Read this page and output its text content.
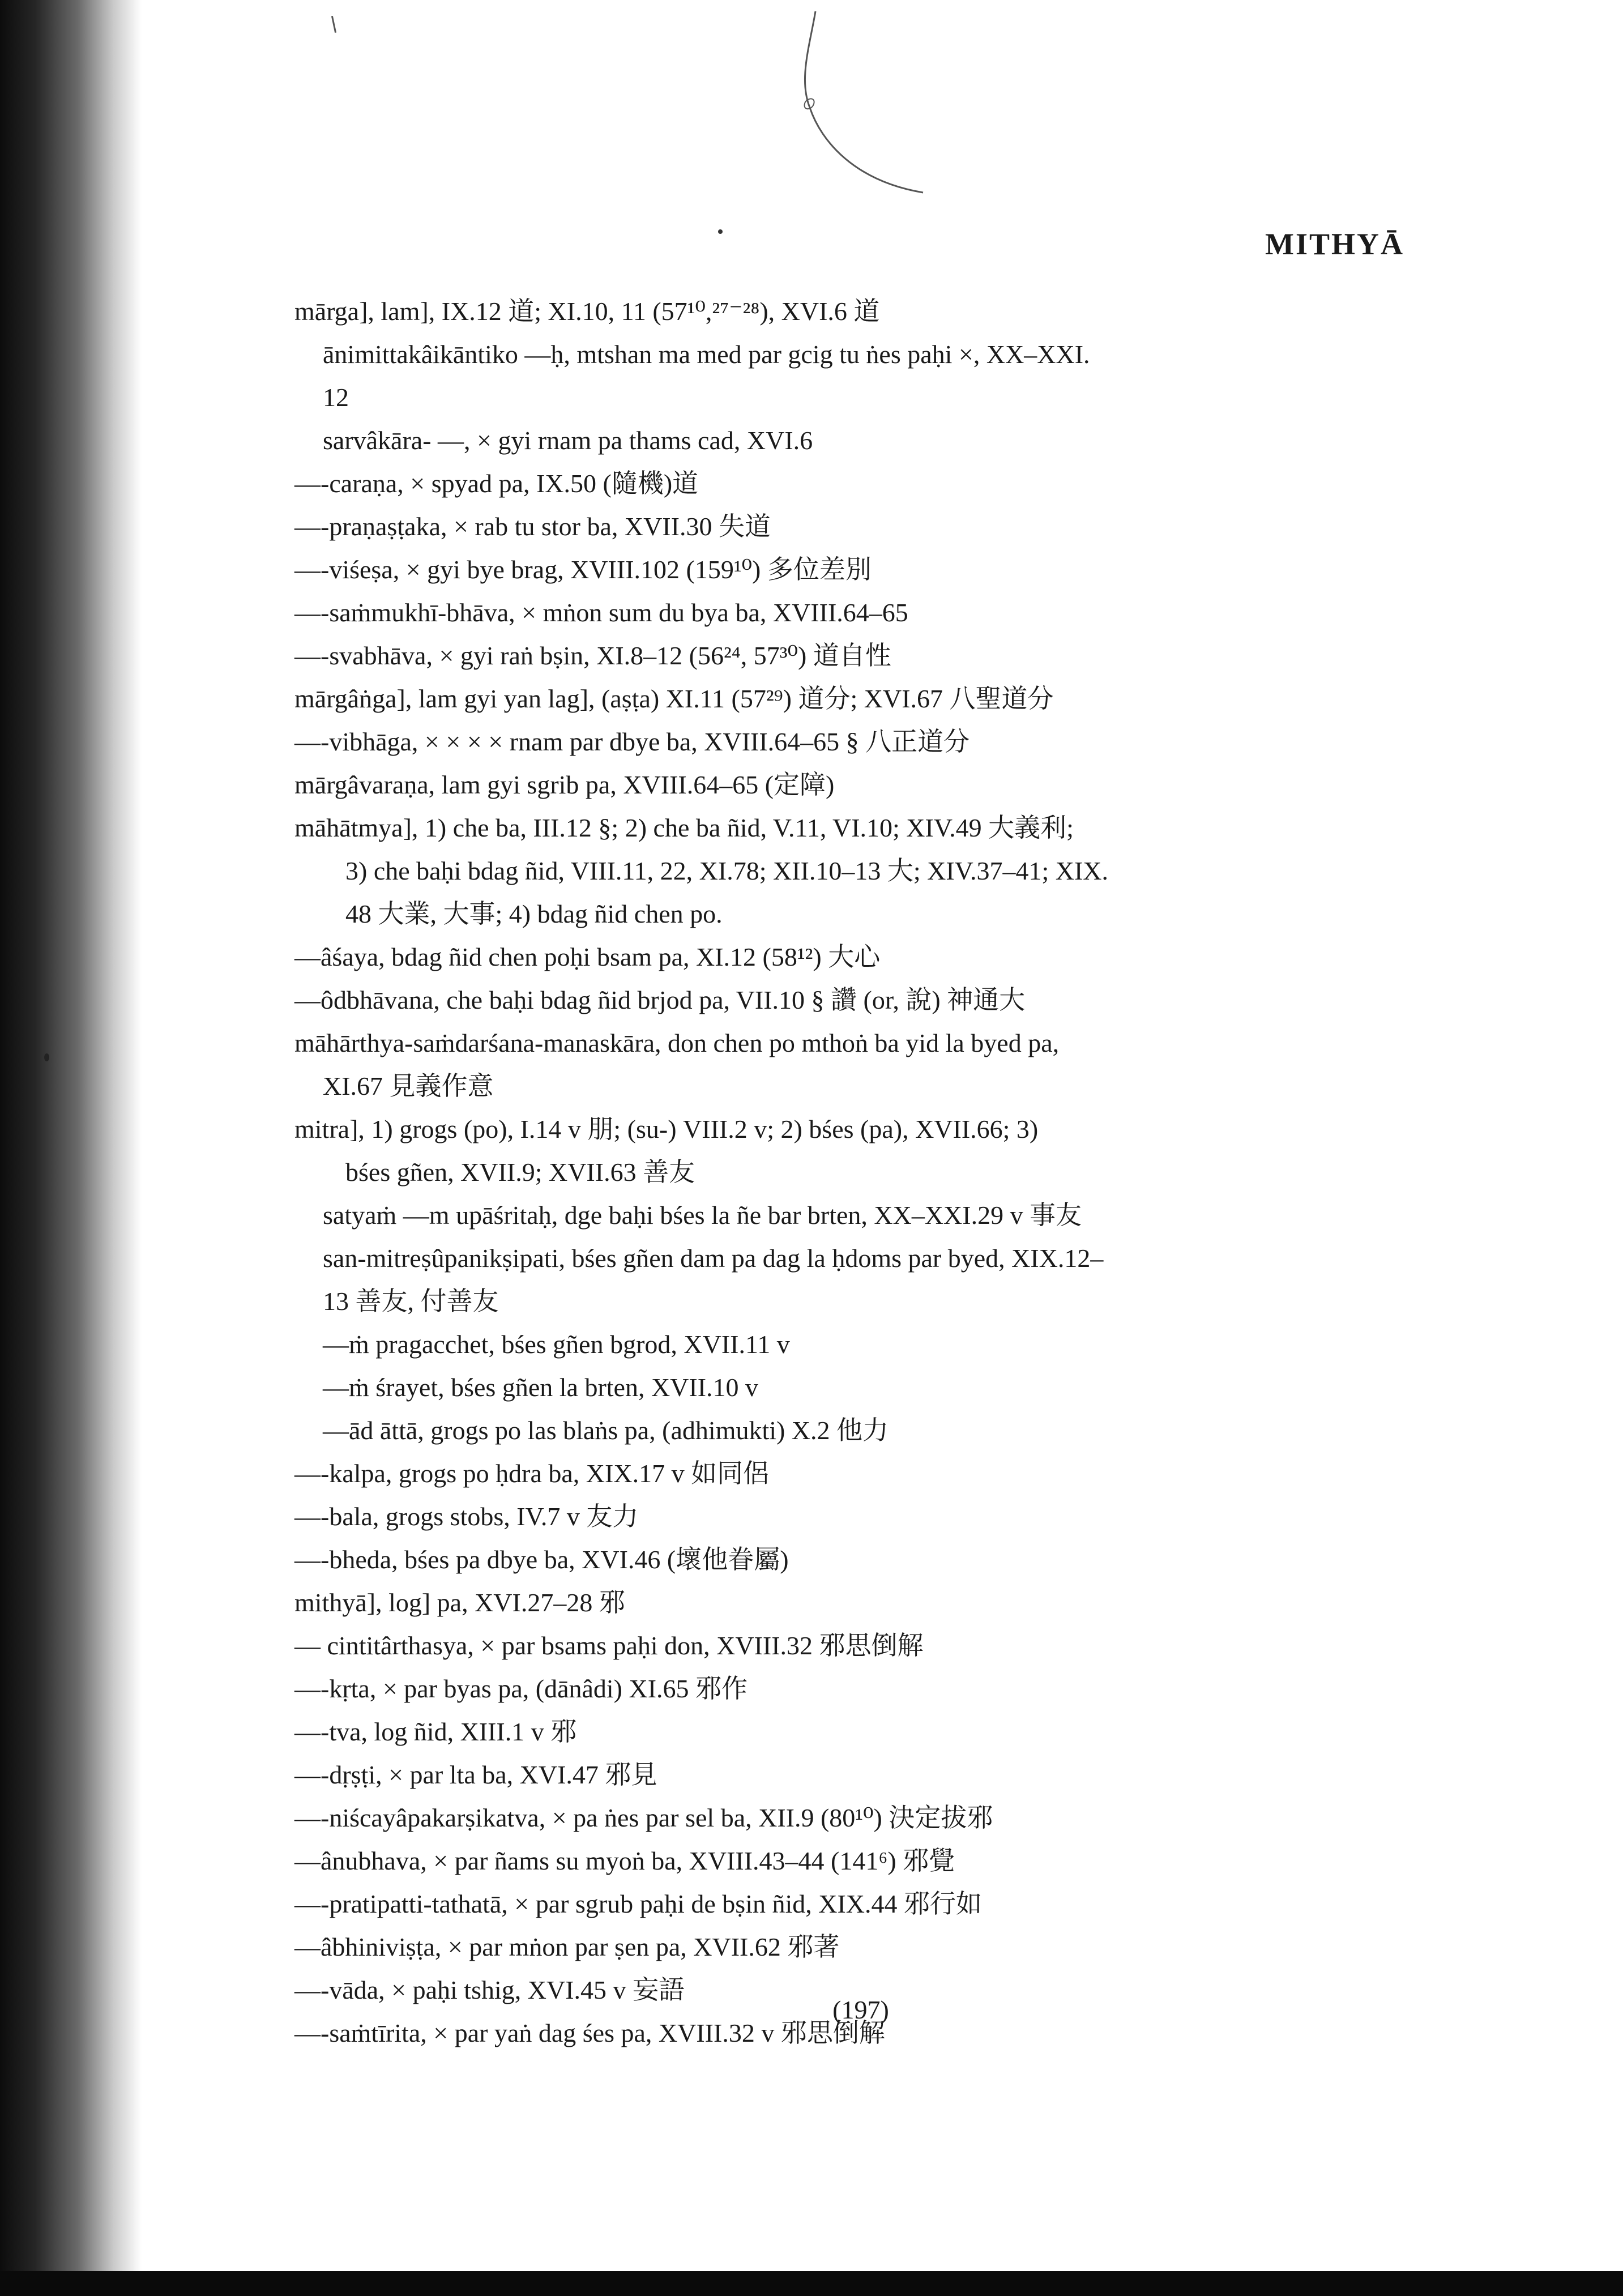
MITHYĀ
mārga], lam], IX.12 道; XI.10, 11 (57¹⁰,²⁷⁻²⁸), XVI.6 道
ānimittakâikāntiko —ḥ, mtshan ma med par gcig tu ṅes paḥi ×, XX–XXI.
12
sarvâkāra- —, × gyi rnam pa thams cad, XVI.6
—-caraṇa, × spyad pa, IX.50 (隨機)道
—-praṇaṣṭaka, × rab tu stor ba, XVII.30 失道
—-viśeṣa, × gyi bye brag, XVIII.102 (159¹⁰) 多位差別
—-saṁmukhī-bhāva, × mṅon sum du bya ba, XVIII.64–65
—-svabhāva, × gyi raṅ bṣin, XI.8–12 (56²⁴, 57³⁰) 道自性
mārgâṅga], lam gyi yan lag], (aṣṭa) XI.11 (57²⁹) 道分; XVI.67 八聖道分
—-vibhāga, × × × × rnam par dbye ba, XVIII.64–65 § 八正道分
mārgâvaraṇa, lam gyi sgrib pa, XVIII.64–65 (定障)
māhātmya], 1) che ba, III.12 §; 2) che ba ñid, V.11, VI.10; XIV.49 大義利;
3) che baḥi bdag ñid, VIII.11, 22, XI.78; XII.10–13 大; XIV.37–41; XIX.
48 大業, 大事; 4) bdag ñid chen po.
—âśaya, bdag ñid chen poḥi bsam pa, XI.12 (58¹²) 大心
—ôdbhāvana, che baḥi bdag ñid brjod pa, VII.10 § 讚 (or, 說) 神通大
māhārthya-saṁdarśana-manaskāra, don chen po mthoṅ ba yid la byed pa,
XI.67 見義作意
mitra], 1) grogs (po), I.14 v 朋; (su-) VIII.2 v; 2) bśes (pa), XVII.66; 3)
bśes gñen, XVII.9; XVII.63 善友
satyaṁ —m upāśritaḥ, dge baḥi bśes la ñe bar brten, XX–XXI.29 v 事友
san-mitreṣûpanikṣipati, bśes gñen dam pa dag la ḥdoms par byed, XIX.12–
13 善友, 付善友
—ṁ pragacchet, bśes gñen bgrod, XVII.11 v
—ṁ śrayet, bśes gñen la brten, XVII.10 v
—ād āttā, grogs po las blaṅs pa, (adhimukti) X.2 他力
—-kalpa, grogs po ḥdra ba, XIX.17 v 如同侶
—-bala, grogs stobs, IV.7 v 友力
—-bheda, bśes pa dbye ba, XVI.46 (壞他眷屬)
mithyā], log] pa, XVI.27–28 邪
— cintitârthasya, × par bsams paḥi don, XVIII.32 邪思倒解
—-kṛta, × par byas pa, (dānâdi) XI.65 邪作
—-tva, log ñid, XIII.1 v 邪
—-dṛṣṭi, × par lta ba, XVI.47 邪見
—-niścayâpakarṣikatva, × pa ṅes par sel ba, XII.9 (80¹⁰) 決定拔邪
—ânubhava, × par ñams su myoṅ ba, XVIII.43–44 (141⁶) 邪覺
—-pratipatti-tathatā, × par sgrub paḥi de bṣin ñid, XIX.44 邪行如
—âbhiniviṣṭa, × par mṅon par ṣen pa, XVII.62 邪著
—-vāda, × paḥi tshig, XVI.45 v 妄語
—-saṁtīrita, × par yaṅ dag śes pa, XVIII.32 v 邪思倒解
(197)
